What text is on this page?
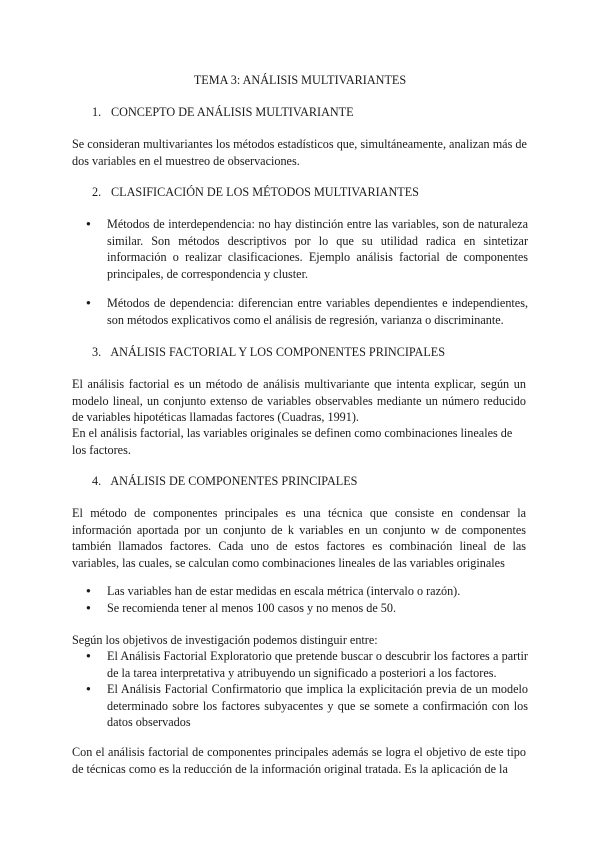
TEMA 3: ANÁLISIS MULTIVARIANTES
1. CONCEPTO DE ANÁLISIS MULTIVARIANTE
Se consideran multivariantes los métodos estadísticos que, simultáneamente, analizan más de dos variables en el muestreo de observaciones.
2. CLASIFICACIÓN DE LOS MÉTODOS MULTIVARIANTES
● Métodos de interdependencia: no hay distinción entre las variables, son de naturaleza similar. Son métodos descriptivos por lo que su utilidad radica en sintetizar información o realizar clasificaciones. Ejemplo análisis factorial de componentes principales, de correspondencia y cluster.
● Métodos de dependencia: diferencian entre variables dependientes e independientes, son métodos explicativos como el análisis de regresión, varianza o discriminante.
3. ANÁLISIS FACTORIAL Y LOS COMPONENTES PRINCIPALES
El análisis factorial es un método de análisis multivariante que intenta explicar, según un modelo lineal, un conjunto extenso de variables observables mediante un número reducido de variables hipotéticas llamadas factores (Cuadras, 1991).
En el análisis factorial, las variables originales se definen como combinaciones lineales de los factores.
4. ANÁLISIS DE COMPONENTES PRINCIPALES
El método de componentes principales es una técnica que consiste en condensar la información aportada por un conjunto de k variables en un conjunto w de componentes también llamados factores. Cada uno de estos factores es combinación lineal de las variables, las cuales, se calculan como combinaciones lineales de las variables originales
● Las variables han de estar medidas en escala métrica (intervalo o razón).
● Se recomienda tener al menos 100 casos y no menos de 50.
Según los objetivos de investigación podemos distinguir entre:
● El Análisis Factorial Exploratorio que pretende buscar o descubrir los factores a partir de la tarea interpretativa y atribuyendo un significado a posteriori a los factores.
● El Análisis Factorial Confirmatorio que implica la explicitación previa de un modelo determinado sobre los factores subyacentes y que se somete a confirmación con los datos observados
Con el análisis factorial de componentes principales además se logra el objetivo de este tipo de técnicas como es la reducción de la información original tratada. Es la aplicación de la
